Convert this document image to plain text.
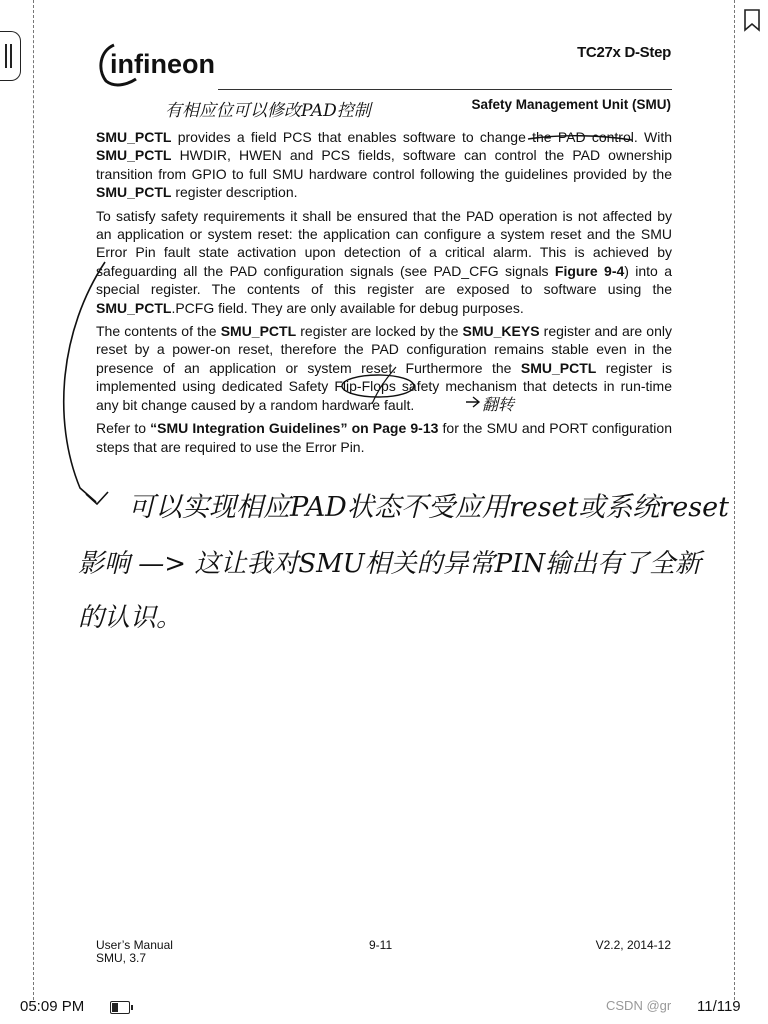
infineon	TC27x D-Step
Safety Management Unit (SMU)
有相应位可以修改PAD控制

SMU_PCTL provides a field PCS that enables software to change the PAD control. With SMU_PCTL HWDIR, HWEN and PCS fields, software can control the PAD ownership transition from GPIO to full SMU hardware control following the guidelines provided by the SMU_PCTL register description.

To satisfy safety requirements it shall be ensured that the PAD operation is not affected by an application or system reset: the application can configure a system reset and the SMU Error Pin fault state activation upon detection of a critical alarm. This is achieved by safeguarding all the PAD configuration signals (see PAD_CFG signals Figure 9-4) into a special register. The contents of this register are exposed to software using the SMU_PCTL.PCFG field. They are only available for debug purposes.

The contents of the SMU_PCTL register are locked by the SMU_KEYS register and are only reset by a power-on reset, therefore the PAD configuration remains stable even in the presence of an application or system reset. Furthermore the SMU_PCTL register is implemented using dedicated Safety Flip-Flops safety mechanism that detects in run-time any bit change caused by a random hardware fault.

Refer to “SMU Integration Guidelines” on Page 9-13 for the SMU and PORT configuration steps that are required to use the Error Pin.

翻转
可以实现相应PAD状态不受应用reset或系统reset
影响 —> 这让我对SMU相关的异常PIN输出有了全新
的认识。
User’s Manual
SMU, 3.7
9-11	V2.2, 2014-12
05:09 PM	CSDN @gr 11/119
